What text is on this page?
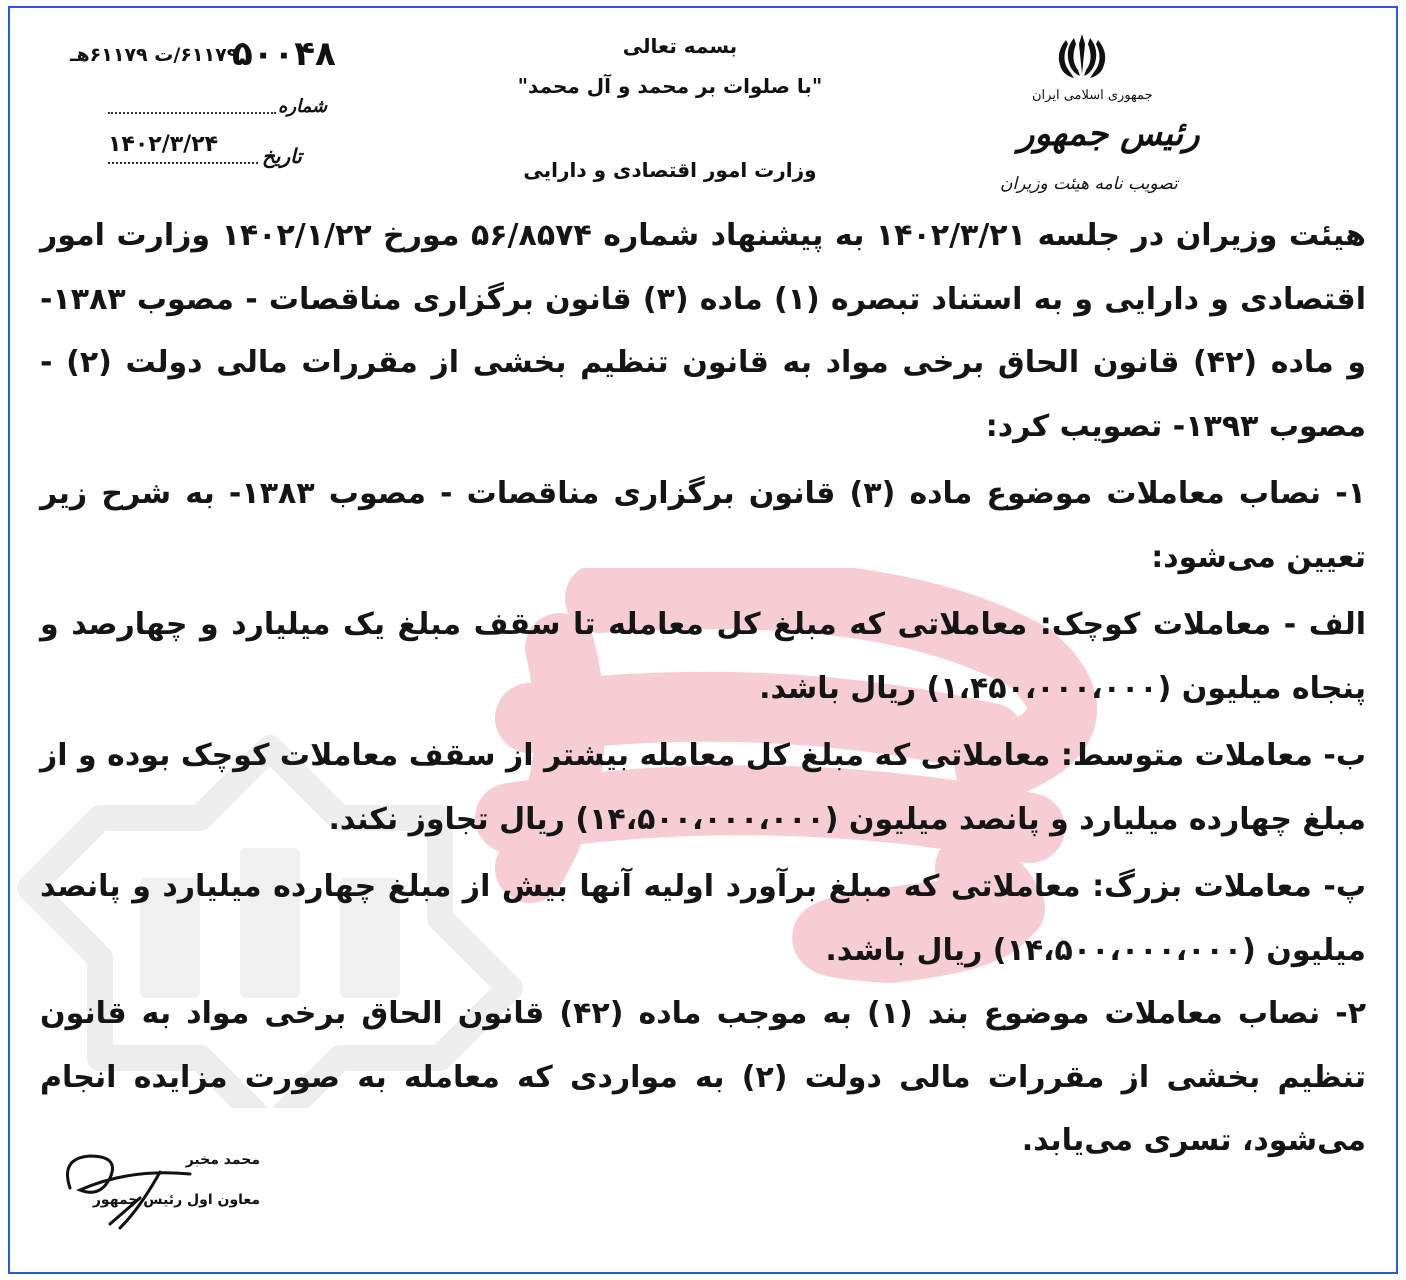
۵۰۰۴۸
۶۱۱۷۹/ت ۶۱۱۷۹هـ
شماره
۱۴۰۲/۳/۲۴ تاریخ
بسمه تعالی
"با صلوات بر محمد و آل محمد"
وزارت امور اقتصادی و دارایی
جمهوری اسلامی ایران
رئیس جمهور
تصویب نامه هیئت وزیران

هیئت وزیران در جلسه ۱۴۰۲/۳/۲۱ به پیشنهاد شماره ۵۶/۸۵۷۴ مورخ ۱۴۰۲/۱/۲۲ وزارت امور اقتصادی و دارایی و به استناد تبصره (۱) ماده (۳) قانون برگزاری مناقصات - مصوب ۱۳۸۳- و ماده (۴۲) قانون الحاق برخی مواد به قانون تنظیم بخشی از مقررات مالی دولت (۲) - مصوب ۱۳۹۳- تصویب کرد:

۱- نصاب معاملات موضوع ماده (۳) قانون برگزاری مناقصات - مصوب ۱۳۸۳- به شرح زیر تعیین می‌شود:

الف - معاملات کوچک: معاملاتی که مبلغ کل معامله تا سقف مبلغ یک میلیارد و چهارصد و پنجاه میلیون (۱،۴۵۰،۰۰۰،۰۰۰) ریال باشد.

ب- معاملات متوسط: معاملاتی که مبلغ کل معامله بیشتر از سقف معاملات کوچک بوده و از مبلغ چهارده میلیارد و پانصد میلیون (۱۴،۵۰۰،۰۰۰،۰۰۰) ریال تجاوز نکند.

پ- معاملات بزرگ: معاملاتی که مبلغ برآورد اولیه آنها بیش از مبلغ چهارده میلیارد و پانصد میلیون (۱۴،۵۰۰،۰۰۰،۰۰۰) ریال باشد.

۲- نصاب معاملات موضوع بند (۱) به موجب ماده (۴۲) قانون الحاق برخی مواد به قانون تنظیم بخشی از مقررات مالی دولت (۲) به مواردی که معامله به صورت مزایده انجام می‌شود، تسری می‌یابد.

محمد مخبر
معاون اول رئیس جمهور
